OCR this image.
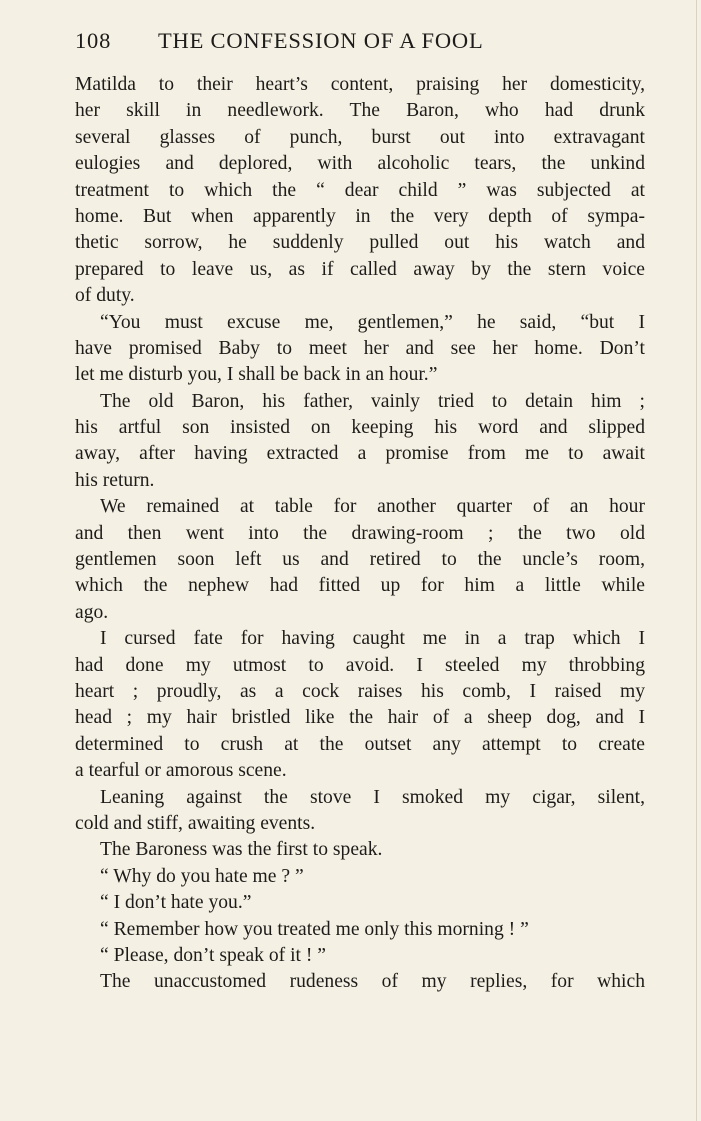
108 THE CONFESSION OF A FOOL
Matilda to their heart’s content, praising her domesticity,
her skill in needlework. The Baron, who had drunk
several glasses of punch, burst out into extravagant
eulogies and deplored, with alcoholic tears, the unkind
treatment to which the “ dear child ” was subjected at
home. But when apparently in the very depth of sympa-
thetic sorrow, he suddenly pulled out his watch and
prepared to leave us, as if called away by the stern voice
of duty.
“You must excuse me, gentlemen,” he said, “but I
have promised Baby to meet her and see her home. Don’t
let me disturb you, I shall be back in an hour.”
The old Baron, his father, vainly tried to detain him ;
his artful son insisted on keeping his word and slipped
away, after having extracted a promise from me to await
his return.
We remained at table for another quarter of an hour
and then went into the drawing-room ; the two old
gentlemen soon left us and retired to the uncle’s room,
which the nephew had fitted up for him a little while
ago.
I cursed fate for having caught me in a trap which I
had done my utmost to avoid. I steeled my throbbing
heart ; proudly, as a cock raises his comb, I raised my
head ; my hair bristled like the hair of a sheep dog, and I
determined to crush at the outset any attempt to create
a tearful or amorous scene.
Leaning against the stove I smoked my cigar, silent,
cold and stiff, awaiting events.
The Baroness was the first to speak.
“ Why do you hate me ? ”
“ I don’t hate you.”
“ Remember how you treated me only this morning ! ”
“ Please, don’t speak of it ! ”
The unaccustomed rudeness of my replies, for which
